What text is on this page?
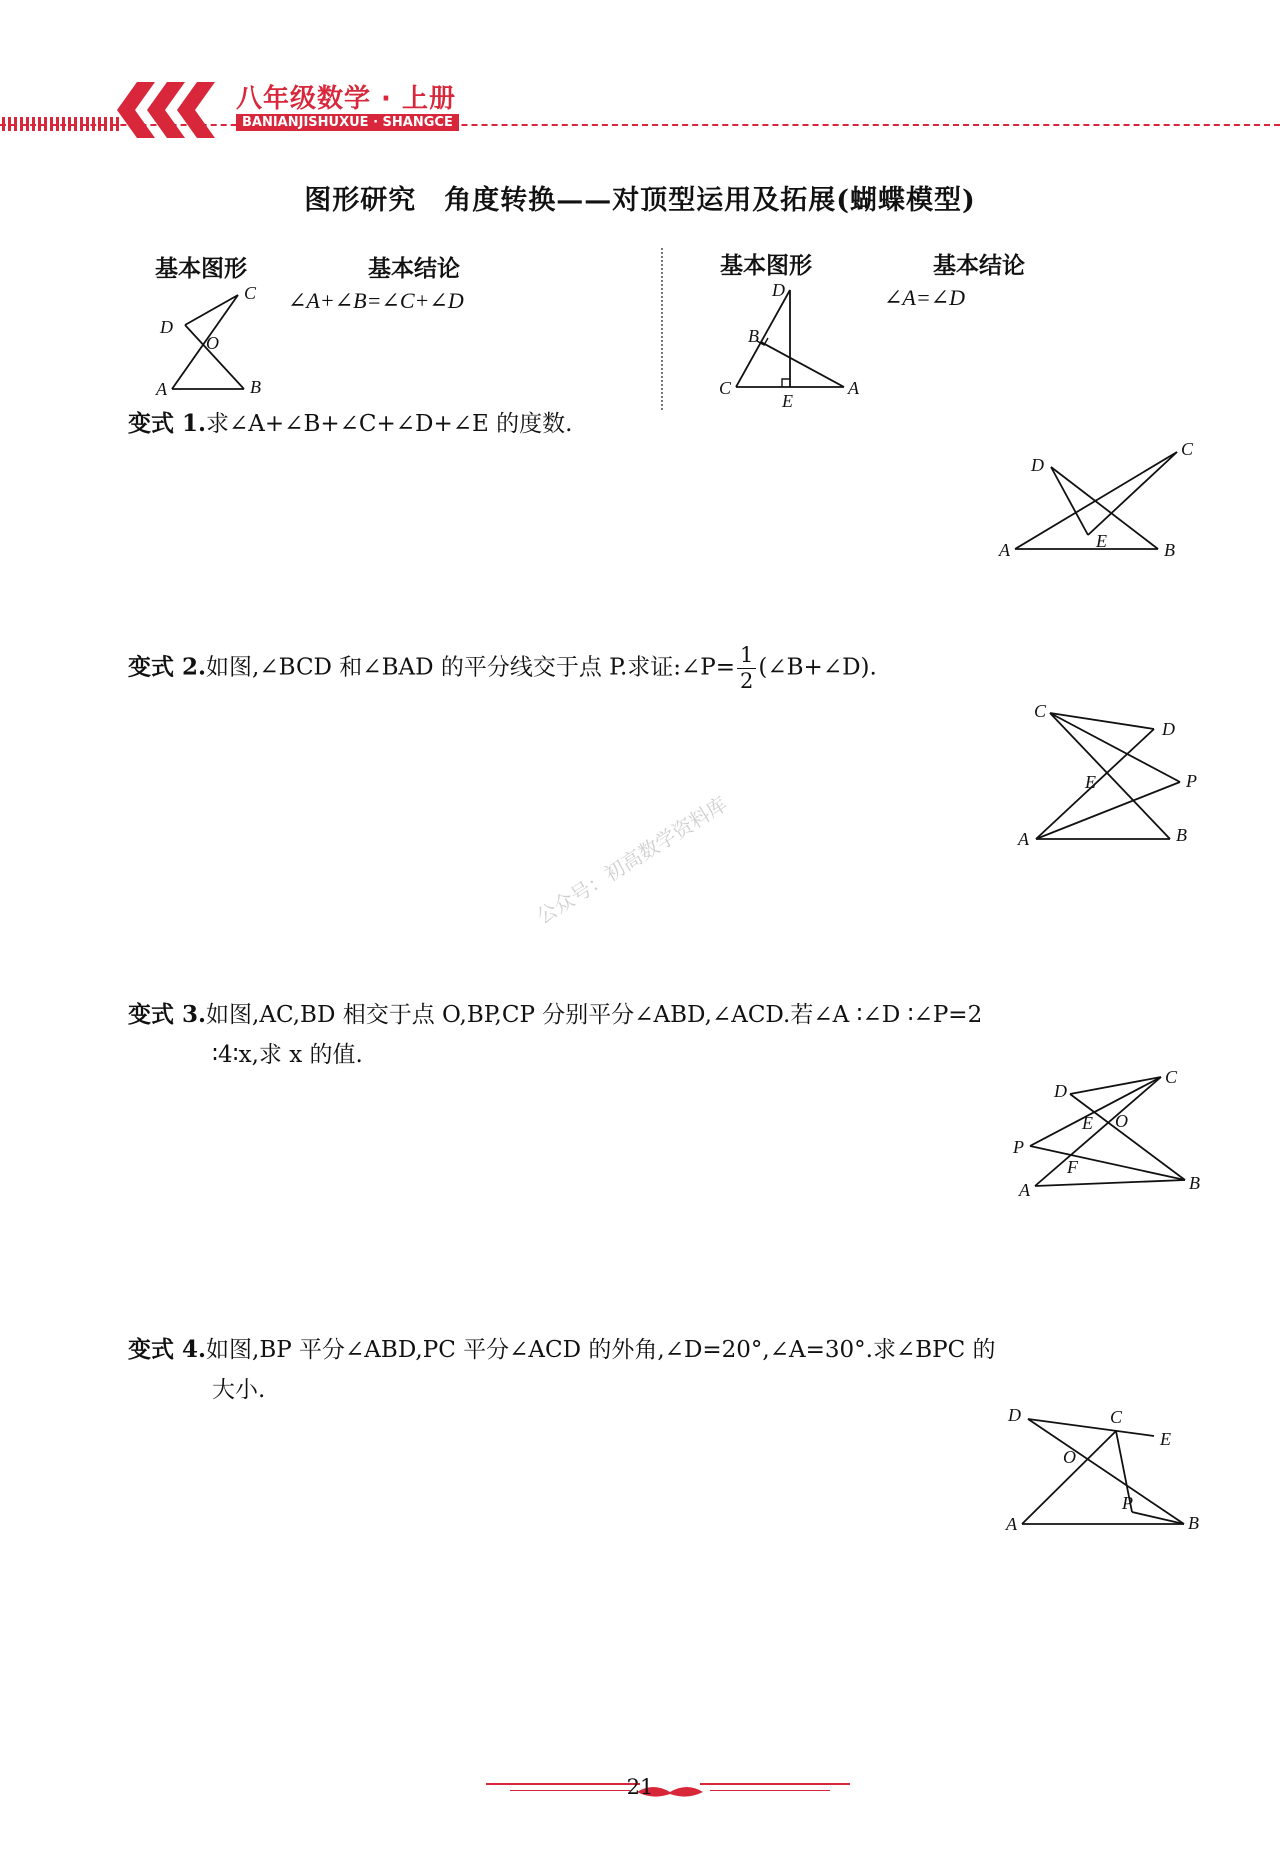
八年级数学 · 上册
BANIANJISHUXUE · SHANGCE
图形研究　角度转换——对顶型运用及拓展(蝴蝶模型)
基本图形	基本结论
∠A+∠B=∠C+∠D
A	B
C
D
O
基本图形	基本结论
∠A=∠D
A
B
C
D
E
变式 1.求∠A+∠B+∠C+∠D+∠E 的度数.
A	B
C
D
E
变式 2.如图,∠BCD 和∠BAD 的平分线交于点 P.求证:∠P= $\frac{1}{2}$ (∠B+∠D).
A	B
C
D
E	P
公众号：初高数学资料库
变式 3.如图,AC,BD 相交于点 O,BP,CP 分别平分∠ABD,∠ACD.若∠A ∶∠D ∶∠P=2
∶4∶x,求 x 的值.
A	B
C
D
E
F
O
P
变式 4.如图,BP 平分∠ABD,PC 平分∠ACD 的外角,∠D=20°,∠A=30°.求∠BPC 的
大小.
A	B
C
D
E
O
P
21
